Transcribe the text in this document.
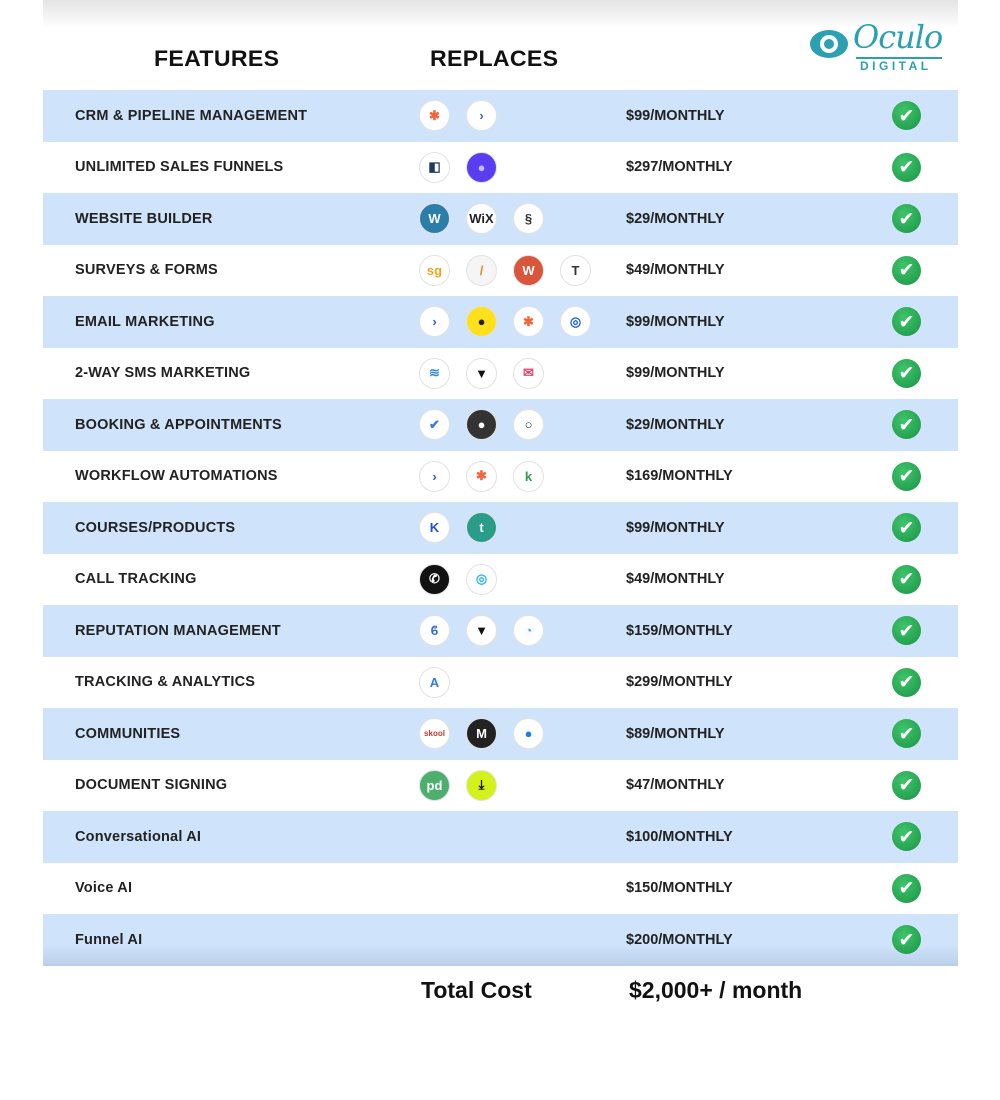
FEATURES	REPLACES
Oculo
DIGITAL
CRM & PIPELINE MANAGEMENT	✱	›	$99/MONTHLY	✔
UNLIMITED SALES FUNNELS	◧	●	$297/MONTHLY	✔
WEBSITE BUILDER	W	WiX	§	$29/MONTHLY	✔
SURVEYS & FORMS	sg	/	W	T	$49/MONTHLY	✔
EMAIL MARKETING	›	●	✱	◎	$99/MONTHLY	✔
2-WAY SMS MARKETING	≋	▼	✉	$99/MONTHLY	✔
BOOKING & APPOINTMENTS	✔	●	○	$29/MONTHLY	✔
WORKFLOW AUTOMATIONS	›	✱	k	$169/MONTHLY	✔
COURSES/PRODUCTS	K	t	$99/MONTHLY	✔
CALL TRACKING	✆	◎	$49/MONTHLY	✔
REPUTATION MANAGEMENT	ϐ	▼	◔	$159/MONTHLY	✔
TRACKING & ANALYTICS	A	$299/MONTHLY	✔
COMMUNITIES	skool	M	●	$89/MONTHLY	✔
DOCUMENT SIGNING	pd	⤓	$47/MONTHLY	✔
Conversational AI	$100/MONTHLY	✔
Voice AI	$150/MONTHLY	✔
Funnel AI	$200/MONTHLY	✔
Total Cost	$2,000+ / month
